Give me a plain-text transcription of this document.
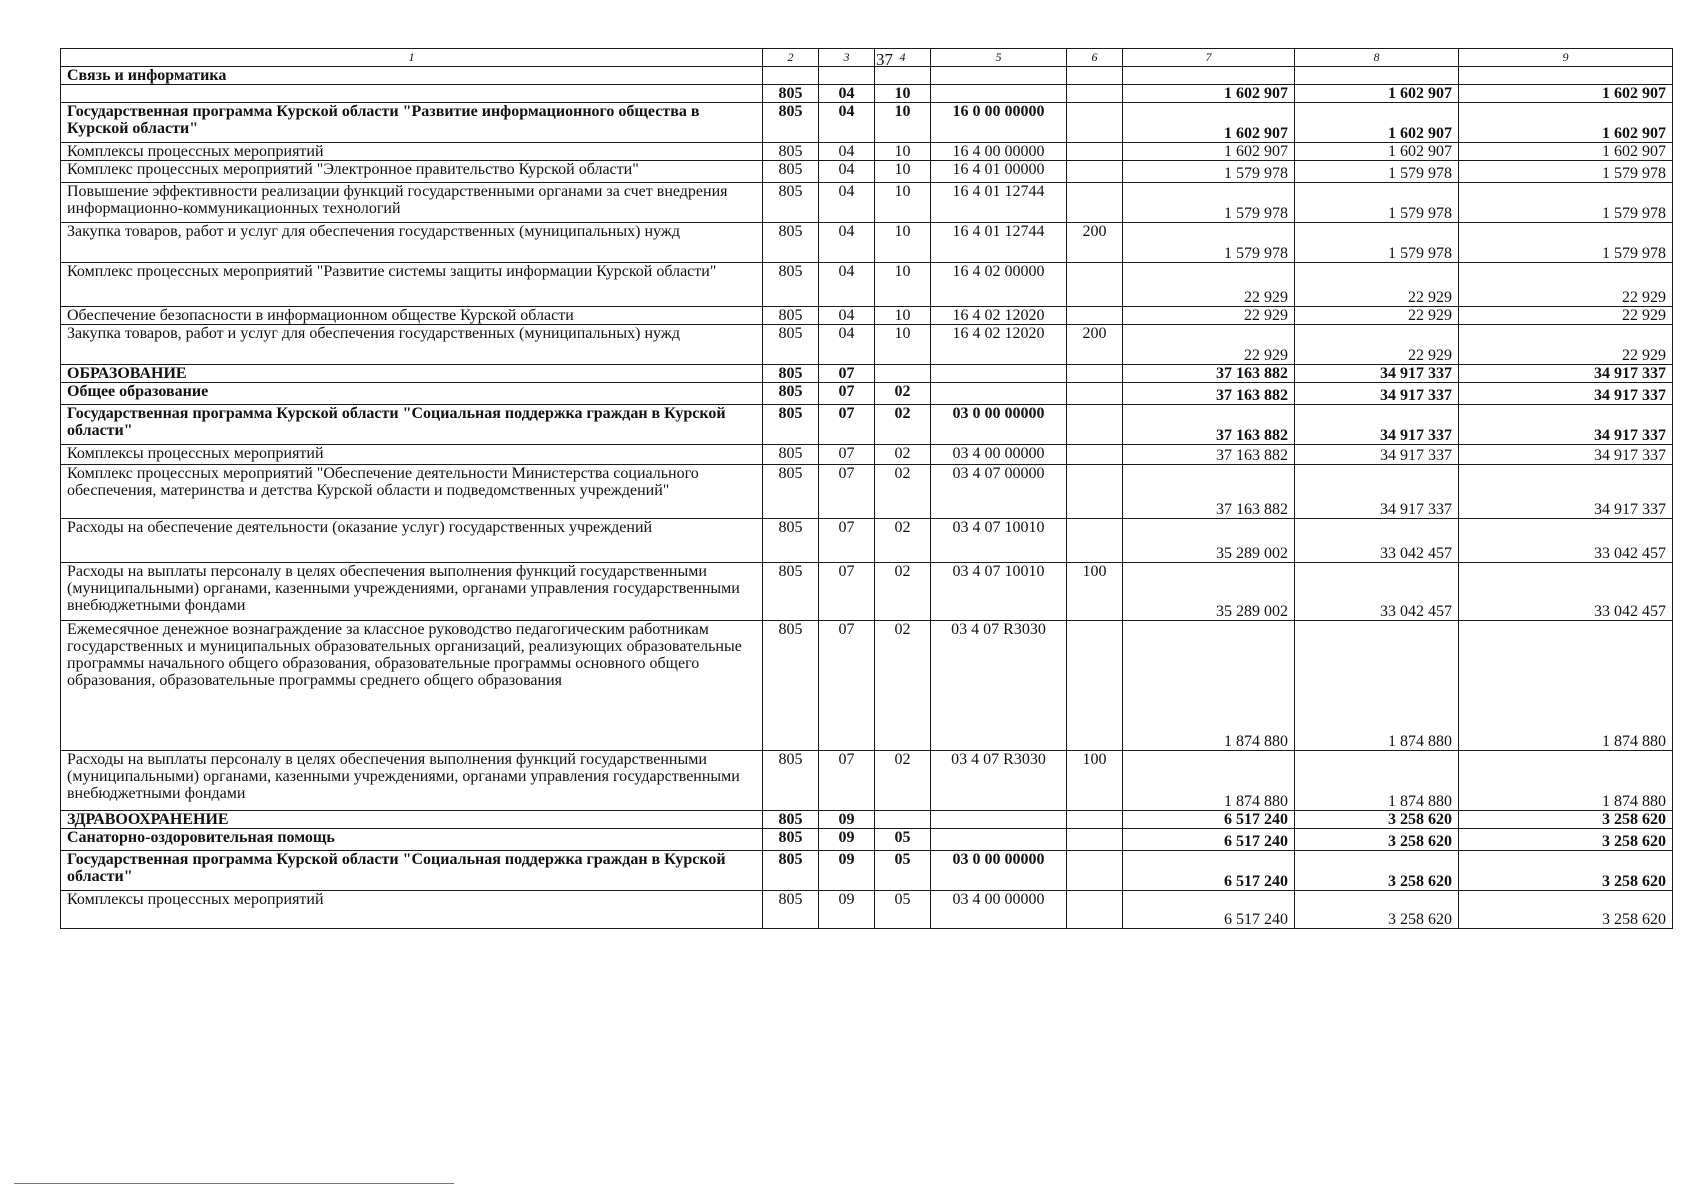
37
1	2	3	4	5	6	7	8	9
Связь и информатика								
	805	04	10			1 602 907	1 602 907	1 602 907
Государственная программа Курской области "Развитие информационного общества в Курской области"	805	04	10	16 0 00 00000		1 602 907	1 602 907	1 602 907
Комплексы процессных мероприятий	805	04	10	16 4 00 00000		1 602 907	1 602 907	1 602 907
Комплекс процессных мероприятий "Электронное правительство Курской области"	805	04	10	16 4 01 00000		1 579 978	1 579 978	1 579 978
Повышение эффективности реализации функций государственными органами за счет внедрения информационно-коммуникационных технологий	805	04	10	16 4 01 12744		1 579 978	1 579 978	1 579 978
Закупка товаров, работ и услуг для обеспечения государственных (муниципальных) нужд	805	04	10	16 4 01 12744	200	1 579 978	1 579 978	1 579 978
Комплекс процессных мероприятий "Развитие системы защиты информации Курской области"	805	04	10	16 4 02 00000		22 929	22 929	22 929
Обеспечение безопасности в информационном обществе Курской области	805	04	10	16 4 02 12020		22 929	22 929	22 929
Закупка товаров, работ и услуг для обеспечения государственных (муниципальных) нужд	805	04	10	16 4 02 12020	200	22 929	22 929	22 929
ОБРАЗОВАНИЕ	805	07				37 163 882	34 917 337	34 917 337
Общее образование	805	07	02			37 163 882	34 917 337	34 917 337
Государственная программа Курской области "Социальная поддержка граждан в Курской области"	805	07	02	03 0 00 00000		37 163 882	34 917 337	34 917 337
Комплексы процессных мероприятий	805	07	02	03 4 00 00000		37 163 882	34 917 337	34 917 337
Комплекс процессных мероприятий "Обеспечение деятельности Министерства социального обеспечения, материнства и детства Курской области и подведомственных учреждений"	805	07	02	03 4 07 00000		37 163 882	34 917 337	34 917 337
Расходы на обеспечение деятельности (оказание услуг) государственных учреждений	805	07	02	03 4 07 10010		35 289 002	33 042 457	33 042 457
Расходы на выплаты персоналу в целях обеспечения выполнения функций государственными (муниципальными) органами, казенными учреждениями, органами управления государственными внебюджетными фондами	805	07	02	03 4 07 10010	100	35 289 002	33 042 457	33 042 457
Ежемесячное денежное вознаграждение за классное руководство педагогическим работникам государственных и муниципальных образовательных организаций, реализующих образовательные программы начального общего образования, образовательные программы основного общего образования, образовательные программы среднего общего образования	805	07	02	03 4 07 R3030		1 874 880	1 874 880	1 874 880
Расходы на выплаты персоналу в целях обеспечения выполнения функций государственными (муниципальными) органами, казенными учреждениями, органами управления государственными внебюджетными фондами	805	07	02	03 4 07 R3030	100	1 874 880	1 874 880	1 874 880
ЗДРАВООХРАНЕНИЕ	805	09				6 517 240	3 258 620	3 258 620
Санаторно-оздоровительная помощь	805	09	05			6 517 240	3 258 620	3 258 620
Государственная программа Курской области "Социальная поддержка граждан в Курской области"	805	09	05	03 0 00 00000		6 517 240	3 258 620	3 258 620
Комплексы процессных мероприятий	805	09	05	03 4 00 00000		6 517 240	3 258 620	3 258 620
